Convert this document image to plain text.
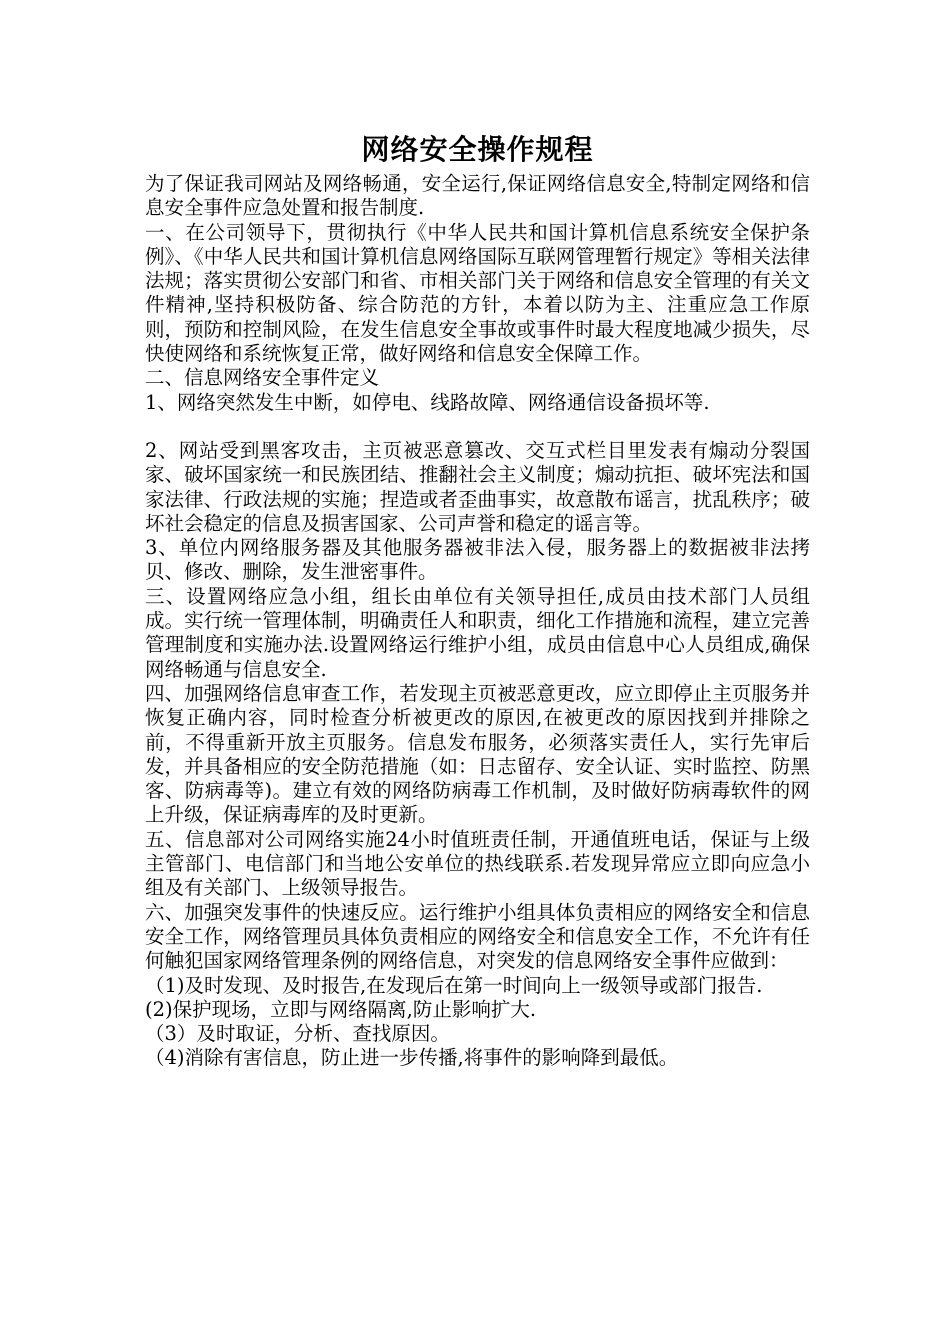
网络安全操作规程

为了保证我司网站及网络畅通，安全运行,保证网络信息安全,特制定网络和信息安全事件应急处置和报告制度.

一、在公司领导下，贯彻执行《中华人民共和国计算机信息系统安全保护条例》、《中华人民共和国计算机信息网络国际互联网管理暂行规定》等相关法律法规；落实贯彻公安部门和省、市相关部门关于网络和信息安全管理的有关文件精神,坚持积极防备、综合防范的方针，本着以防为主、注重应急工作原则，预防和控制风险，在发生信息安全事故或事件时最大程度地减少损失，尽快使网络和系统恢复正常，做好网络和信息安全保障工作。

二、信息网络安全事件定义

1、网络突然发生中断，如停电、线路故障、网络通信设备损坏等.

2、网站受到黑客攻击，主页被恶意篡改、交互式栏目里发表有煽动分裂国家、破坏国家统一和民族团结、推翻社会主义制度；煽动抗拒、破坏宪法和国家法律、行政法规的实施；捏造或者歪曲事实，故意散布谣言，扰乱秩序；破坏社会稳定的信息及损害国家、公司声誉和稳定的谣言等。

3、单位内网络服务器及其他服务器被非法入侵，服务器上的数据被非法拷贝、修改、删除，发生泄密事件。

三、设置网络应急小组，组长由单位有关领导担任,成员由技术部门人员组成。实行统一管理体制，明确责任人和职责，细化工作措施和流程，建立完善管理制度和实施办法.设置网络运行维护小组，成员由信息中心人员组成,确保网络畅通与信息安全.

四、加强网络信息审查工作，若发现主页被恶意更改，应立即停止主页服务并恢复正确内容，同时检查分析被更改的原因,在被更改的原因找到并排除之前，不得重新开放主页服务。信息发布服务，必须落实责任人，实行先审后发，并具备相应的安全防范措施（如：日志留存、安全认证、实时监控、防黑客、防病毒等)。建立有效的网络防病毒工作机制，及时做好防病毒软件的网上升级，保证病毒库的及时更新。

五、信息部对公司网络实施24小时值班责任制，开通值班电话，保证与上级主管部门、电信部门和当地公安单位的热线联系.若发现异常应立即向应急小组及有关部门、上级领导报告。

六、加强突发事件的快速反应。运行维护小组具体负责相应的网络安全和信息安全工作，网络管理员具体负责相应的网络安全和信息安全工作，不允许有任何触犯国家网络管理条例的网络信息，对突发的信息网络安全事件应做到：

（1)及时发现、及时报告,在发现后在第一时间向上一级领导或部门报告.

(2)保护现场，立即与网络隔离,防止影响扩大.

（3）及时取证，分析、查找原因。

（4)消除有害信息，防止进一步传播,将事件的影响降到最低。
